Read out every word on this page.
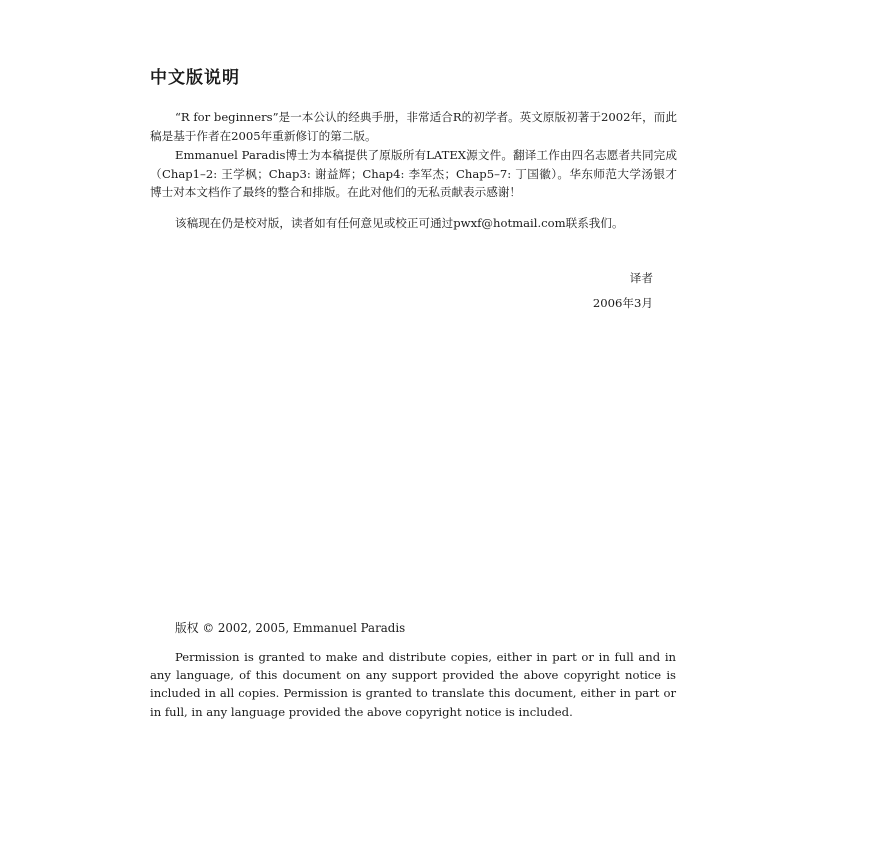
中文版说明

“R for beginners”是一本公认的经典手册，非常适合R的初学者。英文原版初著于2002年，而此稿是基于作者在2005年重新修订的第二版。

Emmanuel Paradis博士为本稿提供了原版所有LATEX源文件。翻译工作由四名志愿者共同完成（Chap1–2: 王学枫；Chap3: 谢益辉；Chap4: 李军杰；Chap5–7: 丁国徽）。华东师范大学汤银才博士对本文档作了最终的整合和排版。在此对他们的无私贡献表示感谢！

该稿现在仍是校对版，读者如有任何意见或校正可通过pwxf@hotmail.com联系我们。

译者

2006年3月

版权 © 2002, 2005, Emmanuel Paradis

Permission is granted to make and distribute copies, either in part or in full and in any language, of this document on any support provided the above copyright notice is included in all copies. Permission is granted to translate this document, either in part or in full, in any language provided the above copyright notice is included.
